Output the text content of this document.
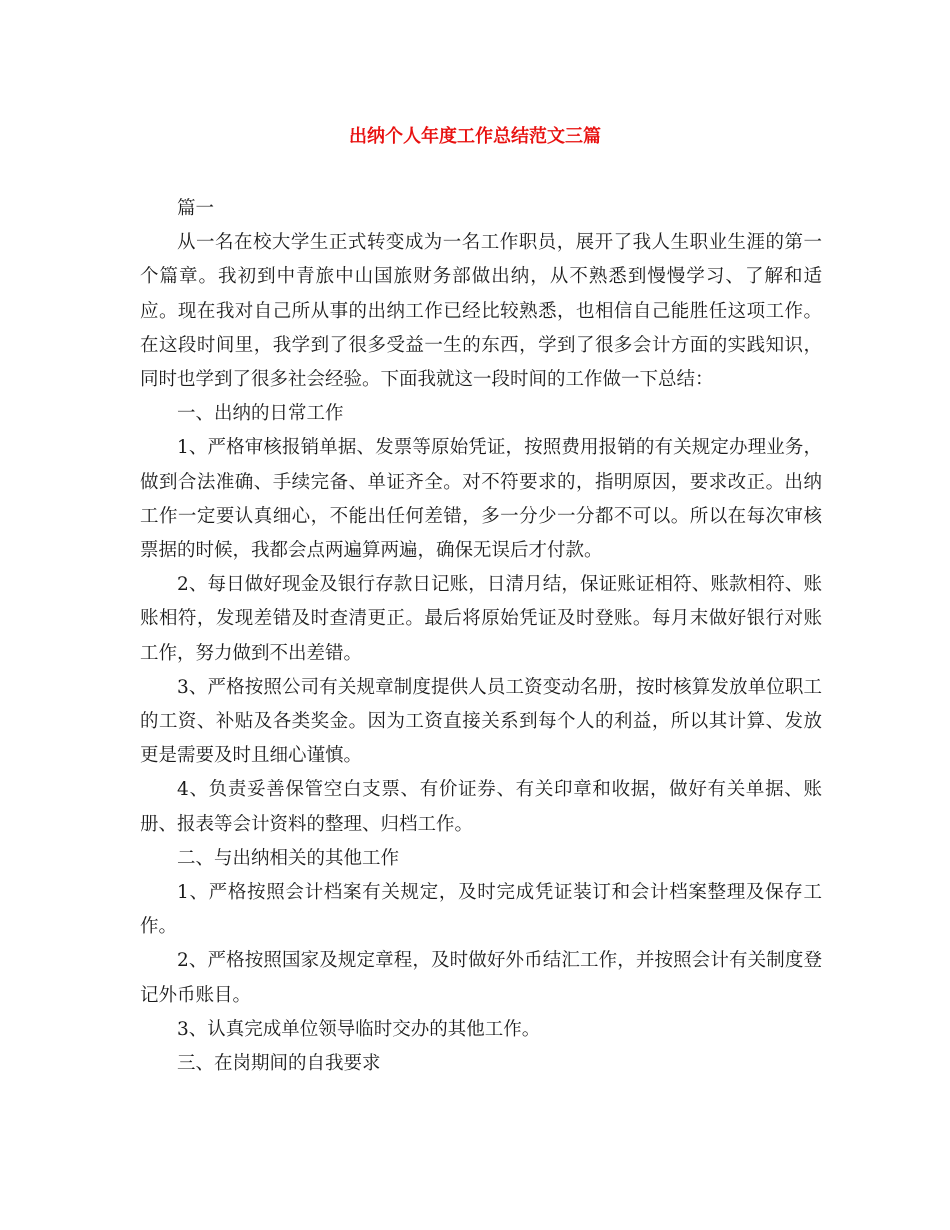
出纳个人年度工作总结范文三篇

篇一

从一名在校大学生正式转变成为一名工作职员，展开了我人生职业生涯的第一个篇章。我初到中青旅中山国旅财务部做出纳，从不熟悉到慢慢学习、了解和适应。现在我对自己所从事的出纳工作已经比较熟悉，也相信自己能胜任这项工作。在这段时间里，我学到了很多受益一生的东西，学到了很多会计方面的实践知识，同时也学到了很多社会经验。下面我就这一段时间的工作做一下总结：

一、出纳的日常工作

1、严格审核报销单据、发票等原始凭证，按照费用报销的有关规定办理业务，做到合法准确、手续完备、单证齐全。对不符要求的，指明原因，要求改正。出纳工作一定要认真细心，不能出任何差错，多一分少一分都不可以。所以在每次审核票据的时候，我都会点两遍算两遍，确保无误后才付款。

2、每日做好现金及银行存款日记账，日清月结，保证账证相符、账款相符、账账相符，发现差错及时查清更正。最后将原始凭证及时登账。每月末做好银行对账工作，努力做到不出差错。

3、严格按照公司有关规章制度提供人员工资变动名册，按时核算发放单位职工的工资、补贴及各类奖金。因为工资直接关系到每个人的利益，所以其计算、发放更是需要及时且细心谨慎。

4、负责妥善保管空白支票、有价证券、有关印章和收据，做好有关单据、账册、报表等会计资料的整理、归档工作。

二、与出纳相关的其他工作

1、严格按照会计档案有关规定，及时完成凭证装订和会计档案整理及保存工作。

2、严格按照国家及规定章程，及时做好外币结汇工作，并按照会计有关制度登记外币账目。

3、认真完成单位领导临时交办的其他工作。

三、在岗期间的自我要求
